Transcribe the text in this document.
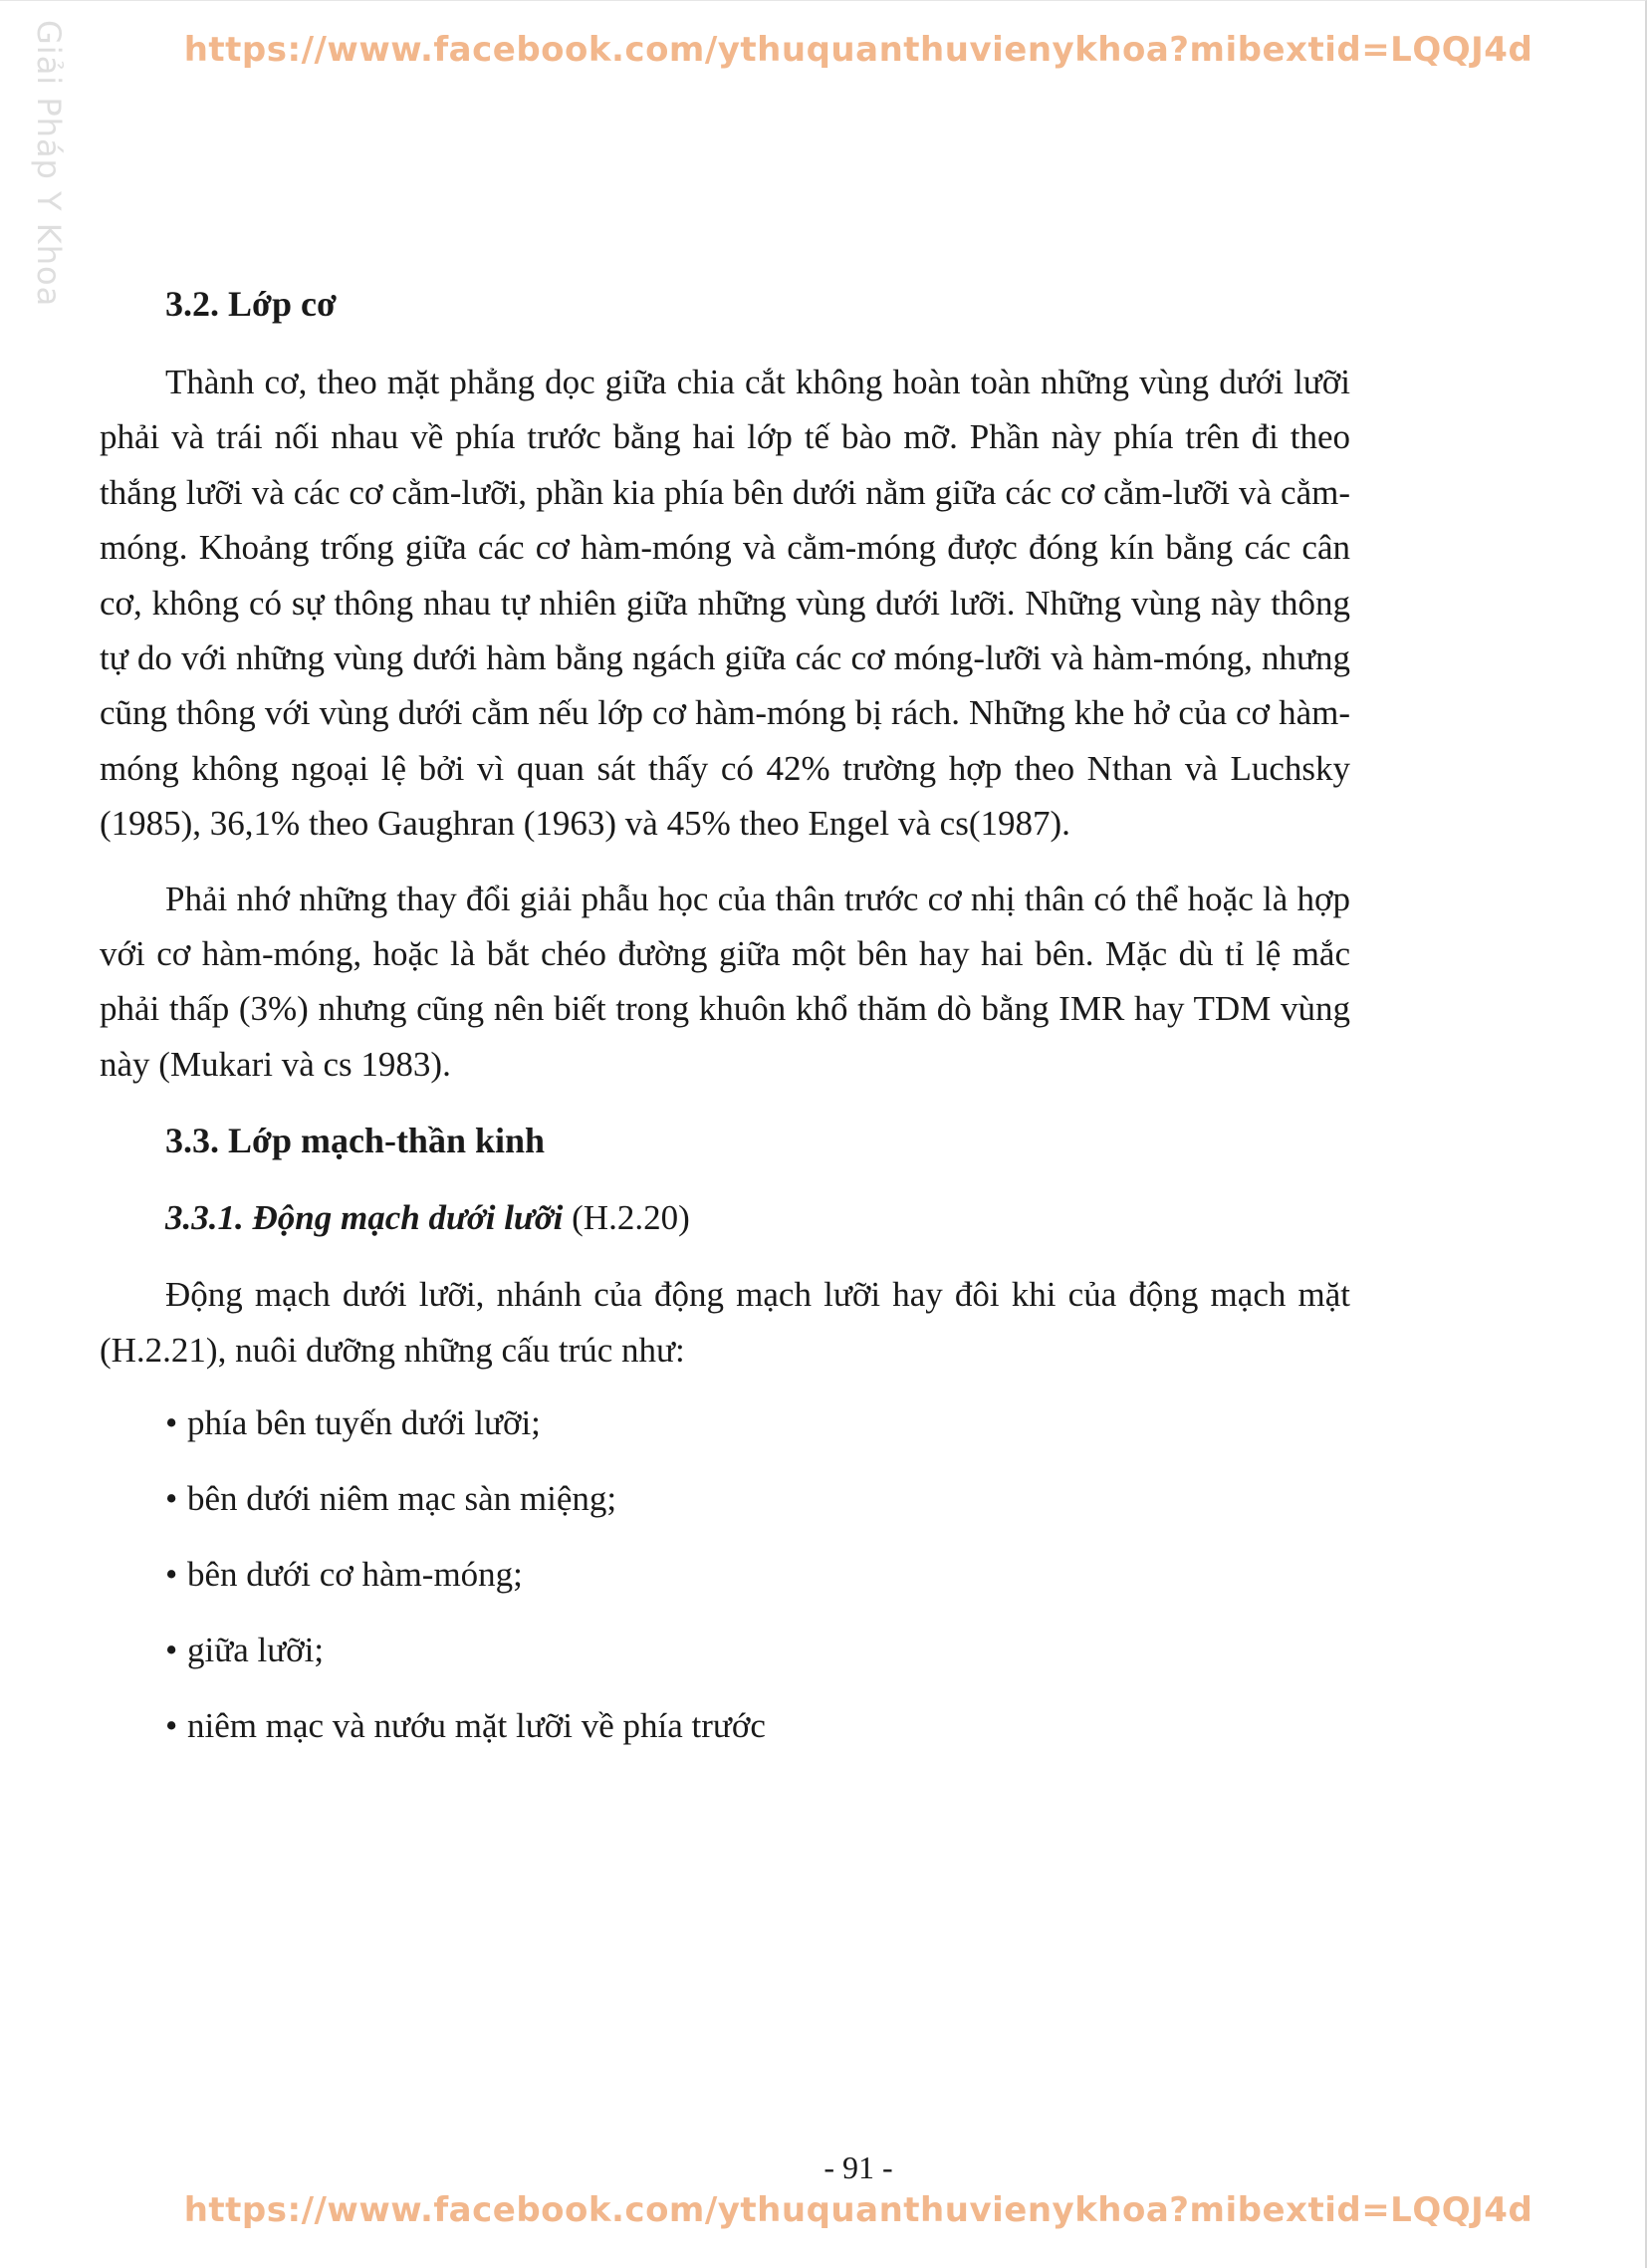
Giải Pháp Y Khoa	https://www.facebook.com/ythuquanthuvienykhoa?mibextid=LQQJ4d
3.2. Lớp cơ

Thành cơ, theo mặt phẳng dọc giữa chia cắt không hoàn toàn những vùng dưới lưỡi phải và trái nối nhau về phía trước bằng hai lớp tế bào mỡ. Phần này phía trên đi theo thắng lưỡi và các cơ cằm-lưỡi, phần kia phía bên dưới nằm giữa các cơ cằm-lưỡi và cằm-móng. Khoảng trống giữa các cơ hàm-móng và cằm-móng được đóng kín bằng các cân cơ, không có sự thông nhau tự nhiên giữa những vùng dưới lưỡi. Những vùng này thông tự do với những vùng dưới hàm bằng ngách giữa các cơ móng-lưỡi và hàm-móng, nhưng cũng thông với vùng dưới cằm nếu lớp cơ hàm-móng bị rách. Những khe hở của cơ hàm-móng không ngoại lệ bởi vì quan sát thấy có 42% trường hợp theo Nthan và Luchsky (1985), 36,1% theo Gaughran (1963) và 45% theo Engel và cs(1987).

Phải nhớ những thay đổi giải phẫu học của thân trước cơ nhị thân có thể hoặc là hợp với cơ hàm-móng, hoặc là bắt chéo đường giữa một bên hay hai bên. Mặc dù tỉ lệ mắc phải thấp (3%) nhưng cũng nên biết trong khuôn khổ thăm dò bằng IMR hay TDM vùng này (Mukari và cs 1983).

3.3. Lớp mạch-thần kinh
3.3.1. Động mạch dưới lưỡi (H.2.20)

Động mạch dưới lưỡi, nhánh của động mạch lưỡi hay đôi khi của động mạch mặt (H.2.21), nuôi dưỡng những cấu trúc như:

• phía bên tuyến dưới lưỡi;
• bên dưới niêm mạc sàn miệng;
• bên dưới cơ hàm-móng;
• giữa lưỡi;
• niêm mạc và nướu mặt lưỡi về phía trước
- 91 -
https://www.facebook.com/ythuquanthuvienykhoa?mibextid=LQQJ4d
